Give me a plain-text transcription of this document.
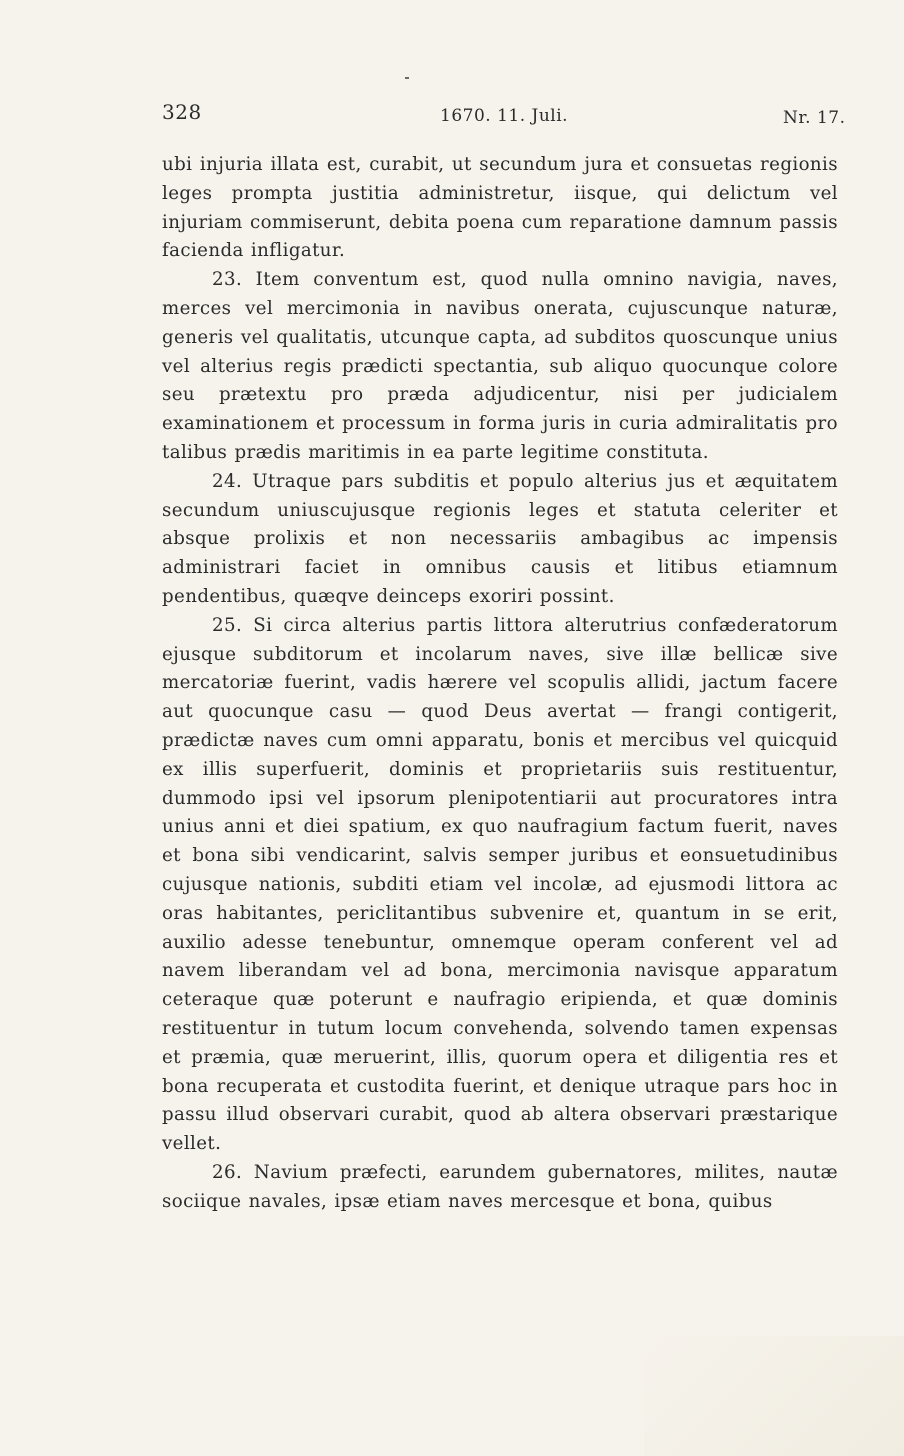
328	1670. 11. Juli.	Nr. 17.

ubi injuria illata est, curabit, ut secundum jura et consuetas regionis leges prompta justitia administretur, iisque, qui delictum vel injuriam commiserunt, debita poena cum reparatione damnum passis facienda infligatur.

23. Item conventum est, quod nulla omnino navigia, naves, merces vel mercimonia in navibus onerata, cujuscunque naturæ, generis vel qualitatis, utcunque capta, ad subditos quoscunque unius vel alterius regis prædicti spectantia, sub aliquo quocunque colore seu prætextu pro præda adjudicentur, nisi per judicialem examinationem et processum in forma juris in curia admiralitatis pro talibus prædis maritimis in ea parte legitime constituta.

24. Utraque pars subditis et populo alterius jus et æquitatem secundum uniuscujusque regionis leges et statuta celeriter et absque prolixis et non necessariis ambagibus ac impensis administrari faciet in omnibus causis et litibus etiamnum pendentibus, quæqve deinceps exoriri possint.

25. Si circa alterius partis littora alterutrius confæderatorum ejusque subditorum et incolarum naves, sive illæ bellicæ sive mercatoriæ fuerint, vadis hærere vel scopulis allidi, jactum facere aut quocunque casu — quod Deus avertat — frangi contigerit, prædictæ naves cum omni apparatu, bonis et mercibus vel quicquid ex illis superfuerit, dominis et proprietariis suis restituentur, dummodo ipsi vel ipsorum plenipotentiarii aut procuratores intra unius anni et diei spatium, ex quo naufragium factum fuerit, naves et bona sibi vendicarint, salvis semper juribus et eonsuetudinibus cujusque nationis, subditi etiam vel incolæ, ad ejusmodi littora ac oras habitantes, periclitantibus subvenire et, quantum in se erit, auxilio adesse tenebuntur, omnemque operam conferent vel ad navem liberandam vel ad bona, mercimonia navisque apparatum ceteraque quæ poterunt e naufragio eripienda, et quæ dominis restituentur in tutum locum convehenda, solvendo tamen expensas et præmia, quæ meruerint, illis, quorum opera et diligentia res et bona recuperata et custodita fuerint, et denique utraque pars hoc in passu illud observari curabit, quod ab altera observari præstarique vellet.

26. Navium præfecti, earundem gubernatores, milites, nautæ sociique navales, ipsæ etiam naves mercesque et bona, quibus
